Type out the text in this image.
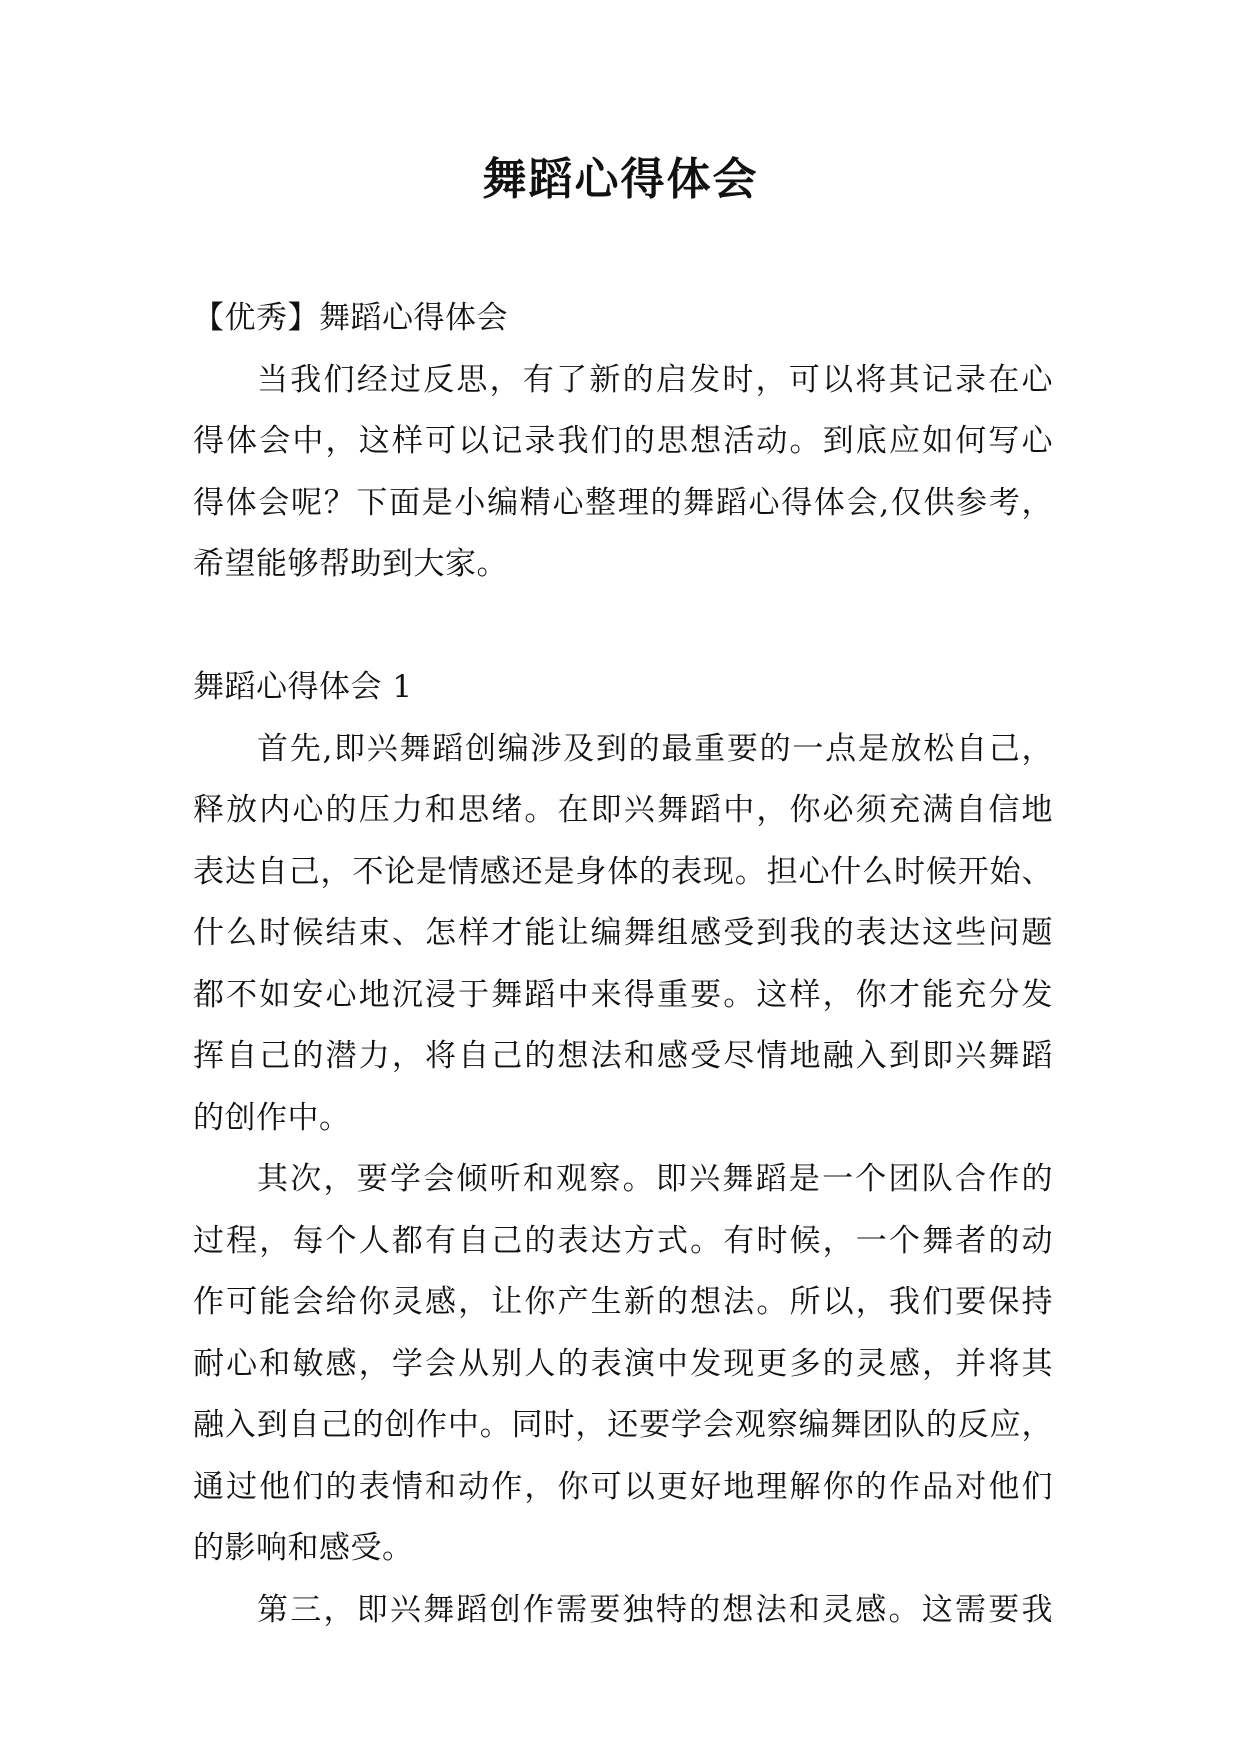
舞蹈心得体会
【优秀】舞蹈心得体会
当我们经过反思，有了新的启发时，可以将其记录在心
得体会中，这样可以记录我们的思想活动。到底应如何写心
得体会呢？下面是小编精心整理的舞蹈心得体会,仅供参考，
希望能够帮助到大家。
舞蹈心得体会 1
首先,即兴舞蹈创编涉及到的最重要的一点是放松自己，
释放内心的压力和思绪。在即兴舞蹈中，你必须充满自信地
表达自己，不论是情感还是身体的表现。担心什么时候开始、
什么时候结束、怎样才能让编舞组感受到我的表达这些问题
都不如安心地沉浸于舞蹈中来得重要。这样，你才能充分发
挥自己的潜力，将自己的想法和感受尽情地融入到即兴舞蹈
的创作中。
其次，要学会倾听和观察。即兴舞蹈是一个团队合作的
过程，每个人都有自己的表达方式。有时候，一个舞者的动
作可能会给你灵感，让你产生新的想法。所以，我们要保持
耐心和敏感，学会从别人的表演中发现更多的灵感，并将其
融入到自己的创作中。同时，还要学会观察编舞团队的反应，
通过他们的表情和动作，你可以更好地理解你的作品对他们
的影响和感受。
第三，即兴舞蹈创作需要独特的想法和灵感。这需要我
